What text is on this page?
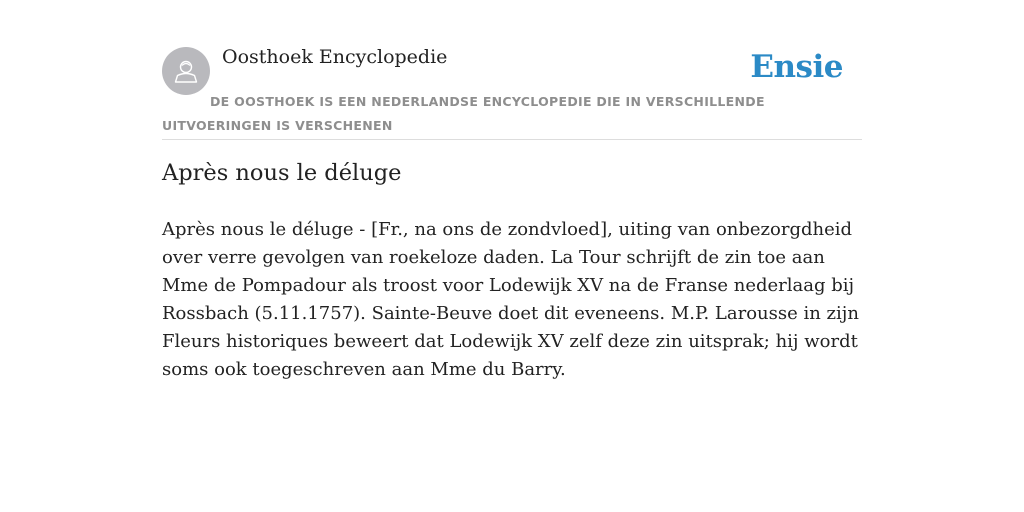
Oosthoek Encyclopedie	Ensie

DE OOSTHOEK IS EEN NEDERLANDSE ENCYCLOPEDIE DIE IN VERSCHILLENDE UITVOERINGEN IS VERSCHENEN

Après nous le déluge

Après nous le déluge - [Fr., na ons de zondvloed], uiting van onbezorgdheid over verre gevolgen van roekeloze daden. La Tour schrijft de zin toe aan Mme de Pompadour als troost voor Lodewijk XV na de Franse nederlaag bij Rossbach (5.11.1757). Sainte-Beuve doet dit eveneens. M.P. Larousse in zijn Fleurs historiques beweert dat Lodewijk XV zelf deze zin uitsprak; hij wordt soms ook toegeschreven aan Mme du Barry.
